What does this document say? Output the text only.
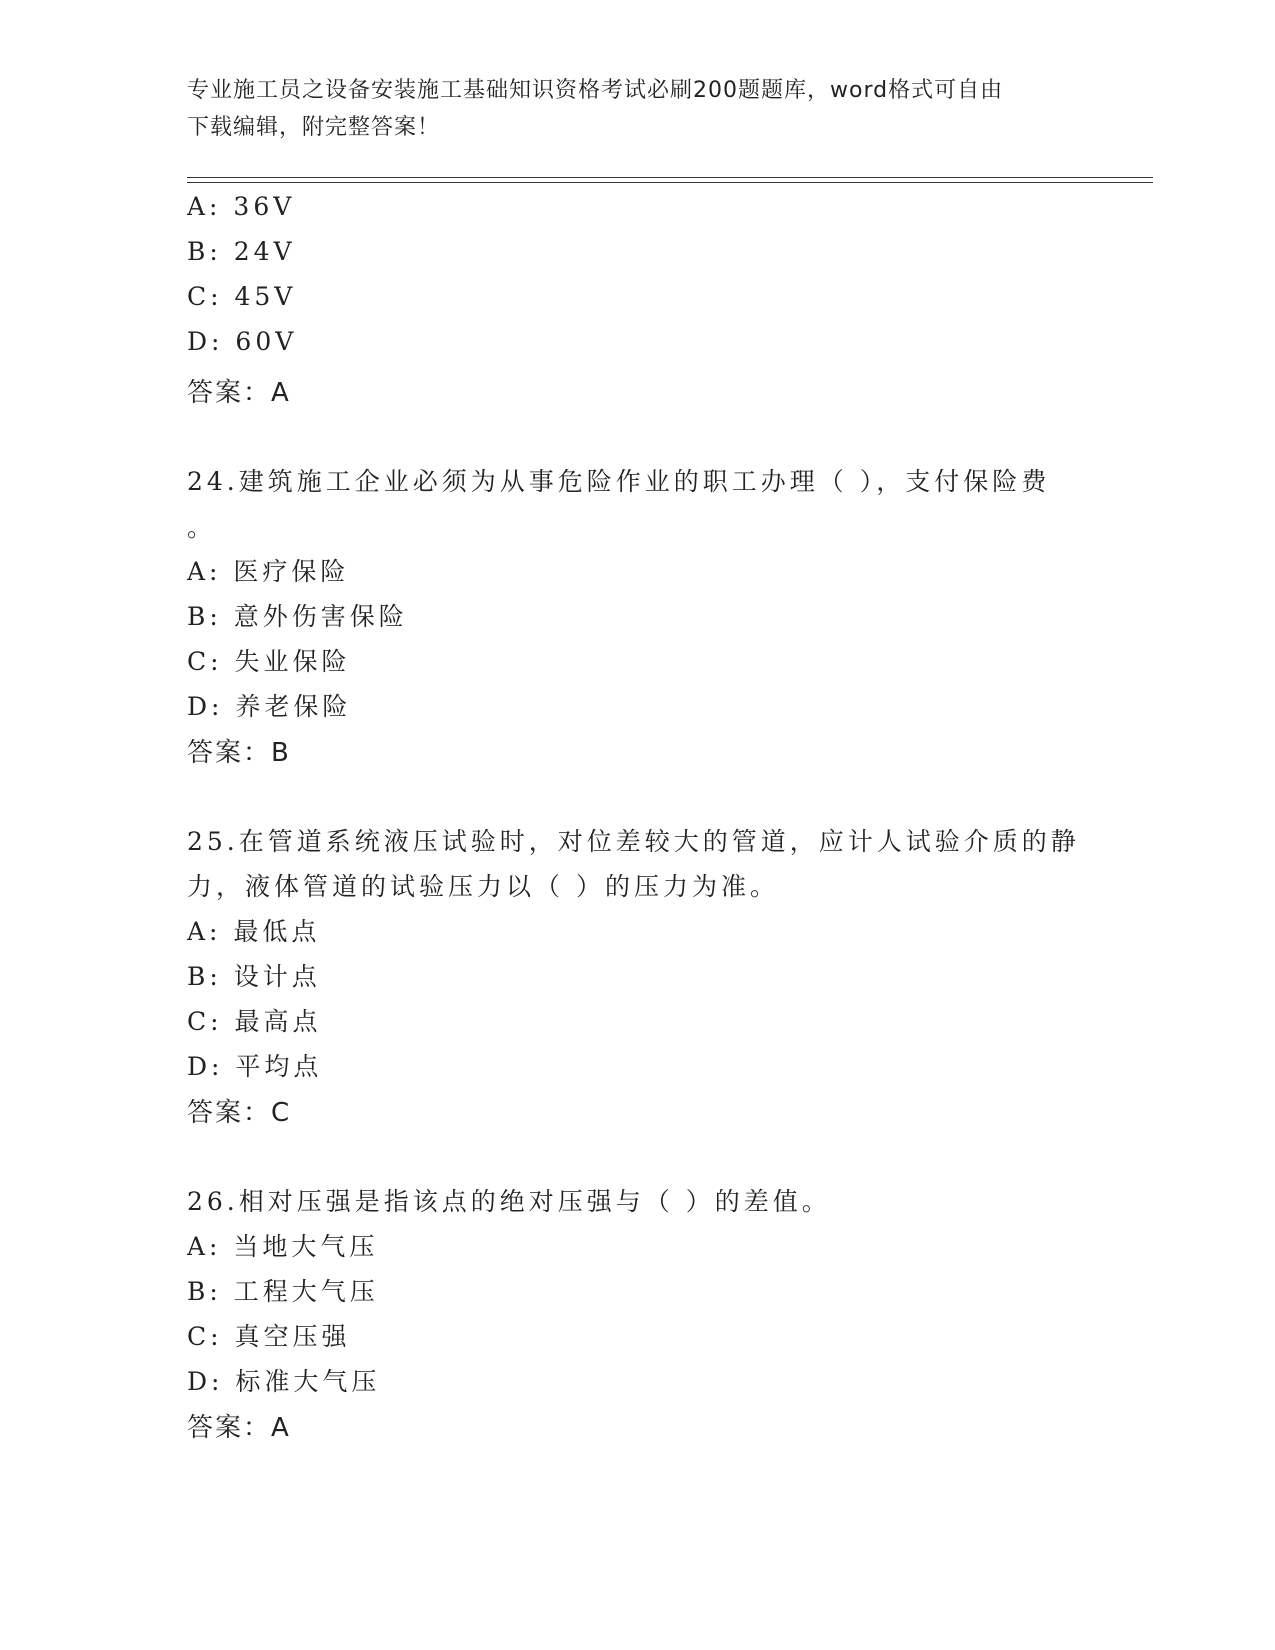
专业施工员之设备安装施工基础知识资格考试必刷200题题库，word格式可自由
下载编辑，附完整答案！
A: 36V
B: 24V
C: 45V
D: 60V
答案：A
24.建筑施工企业必须为从事危险作业的职工办理（ ），支付保险费
。
A: 医疗保险
B: 意外伤害保险
C: 失业保险
D: 养老保险
答案：B
25.在管道系统液压试验时，对位差较大的管道，应计人试验介质的静
力，液体管道的试验压力以（ ）的压力为准。
A: 最低点
B: 设计点
C: 最高点
D: 平均点
答案：C
26.相对压强是指该点的绝对压强与（ ）的差值。
A: 当地大气压
B: 工程大气压
C: 真空压强
D: 标准大气压
答案：A
